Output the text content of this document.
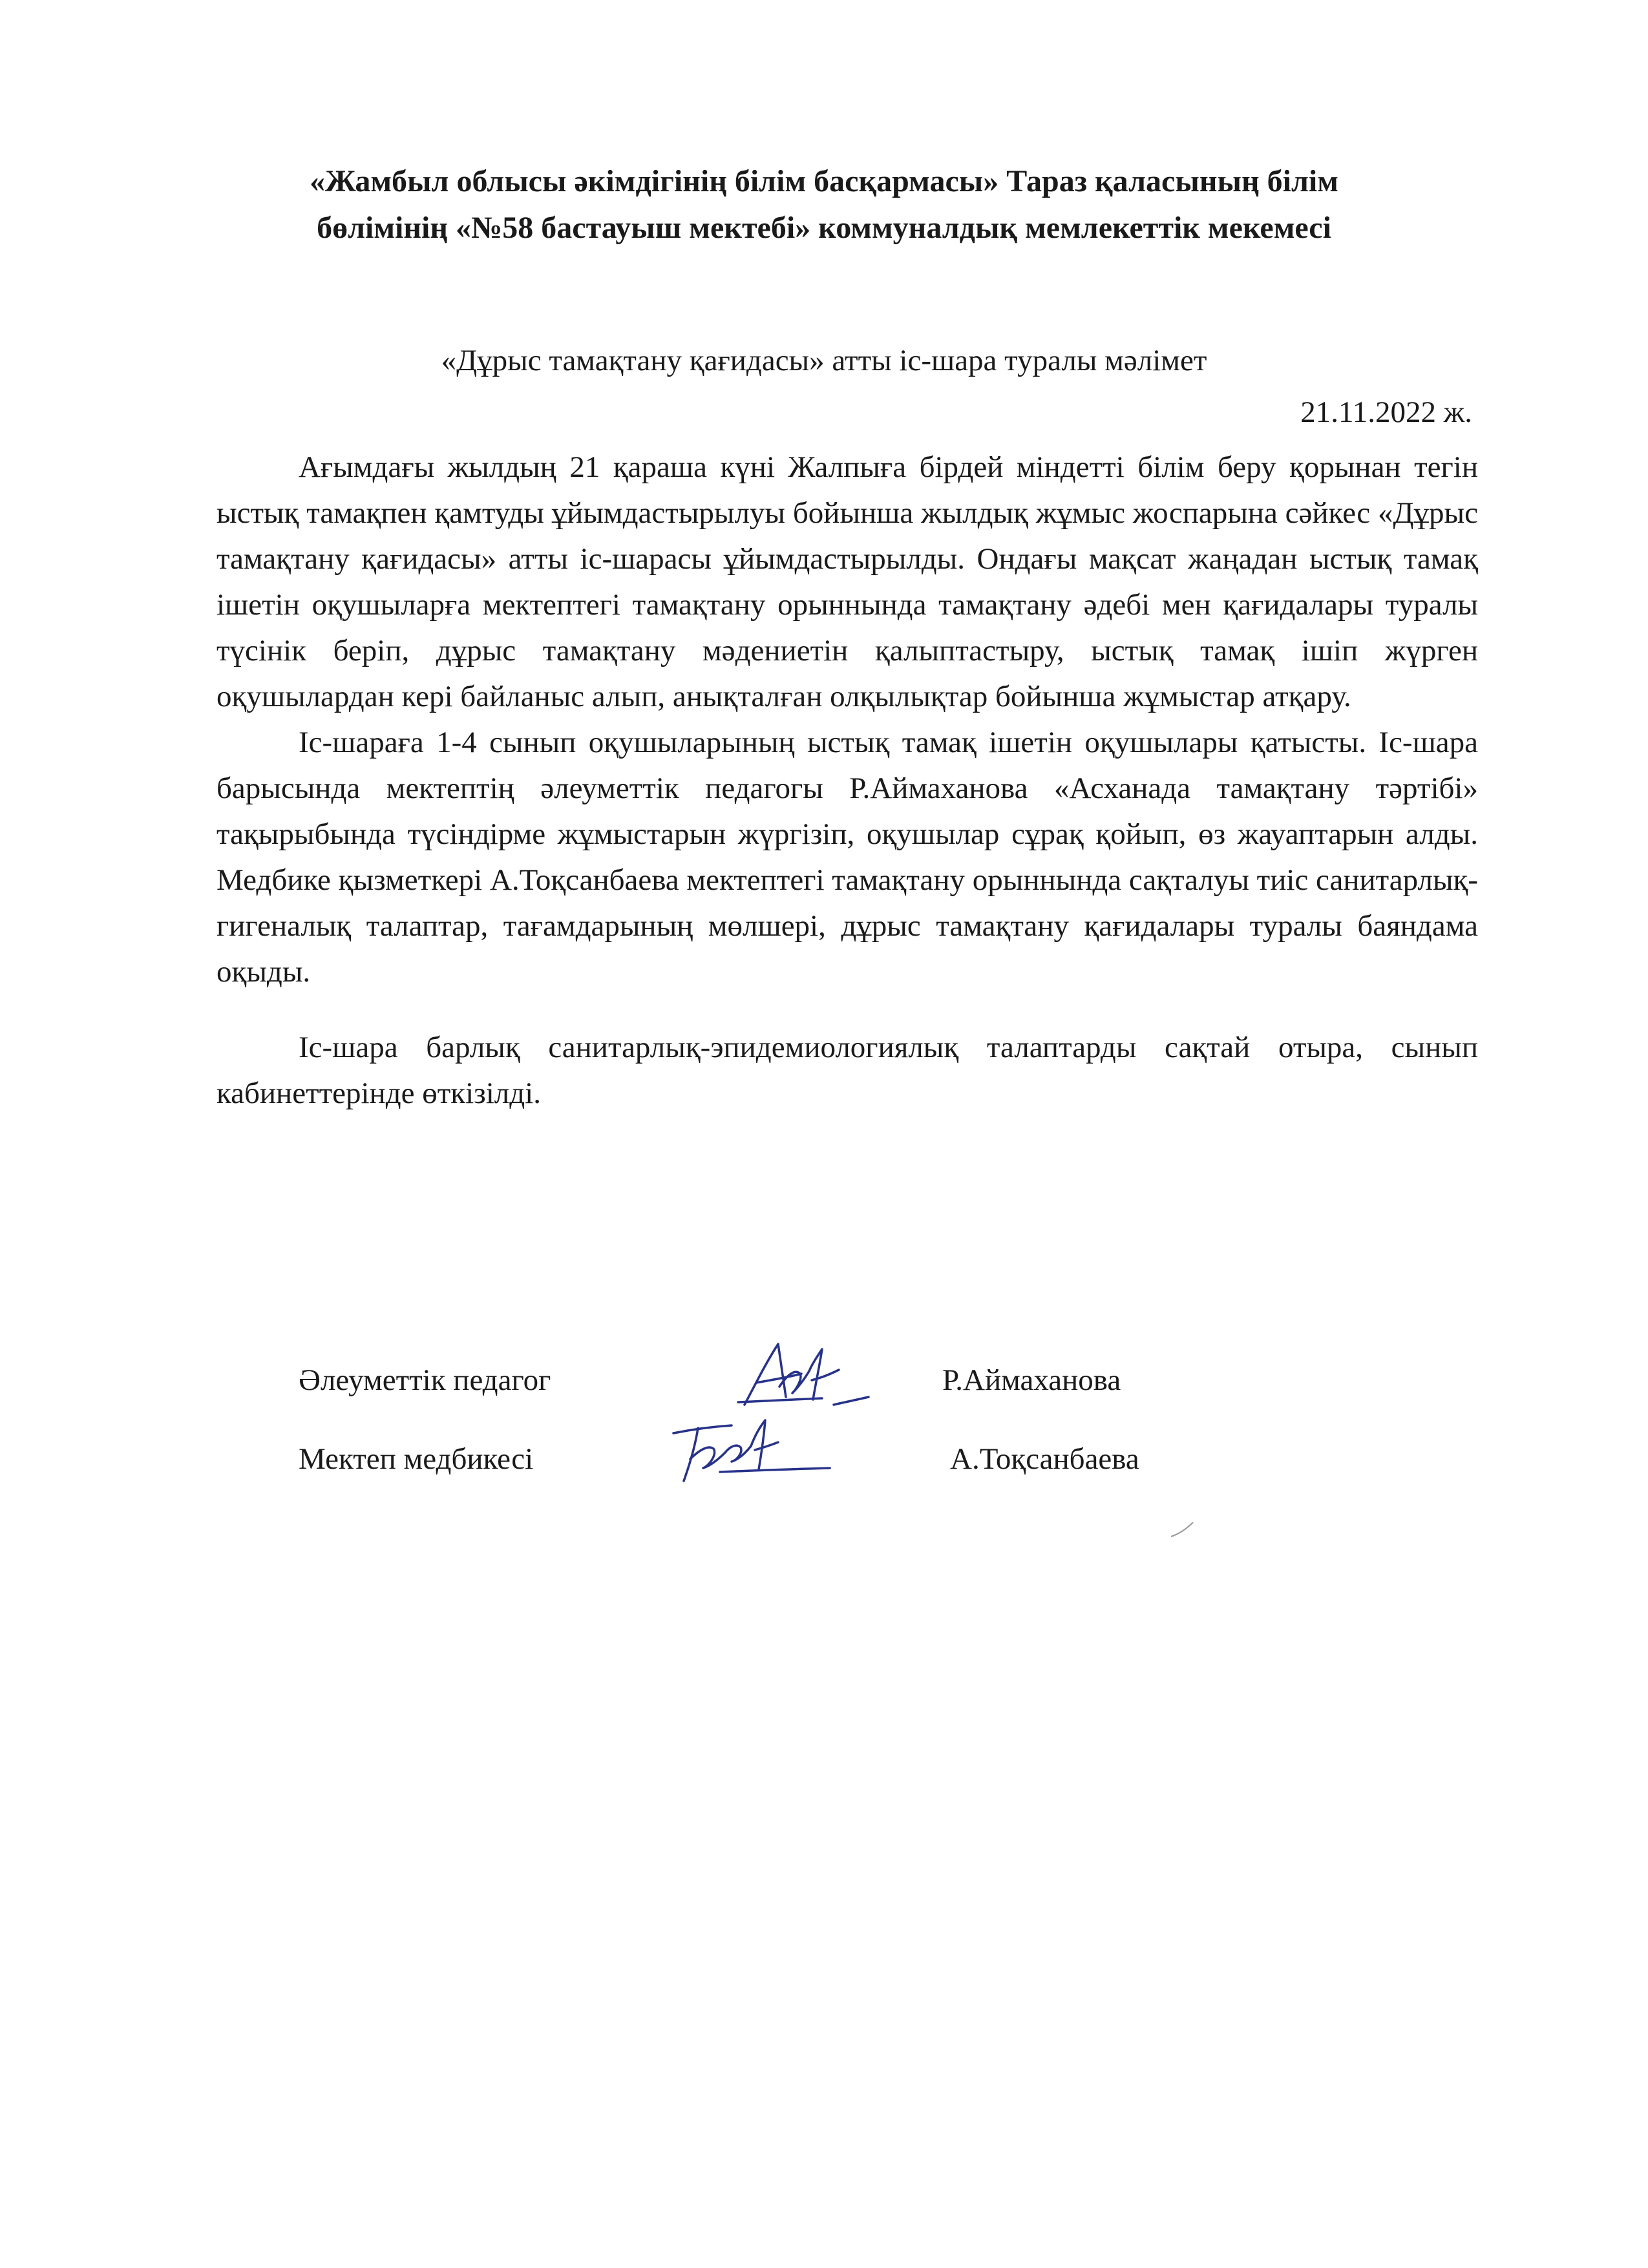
«Жамбыл облысы әкімдігінің білім басқармасы» Тараз қаласының білім
бөлімінің «№58 бастауыш мектебі» коммуналдық мемлекеттік мекемесі
«Дұрыс тамақтану қағидасы» атты іс-шара туралы мәлімет
21.11.2022 ж.

Ағымдағы жылдың 21 қараша күні Жалпыға бірдей міндетті білім беру қорынан тегін ыстық тамақпен қамтуды ұйымдастырылуы бойынша жылдық жұмыс жоспарына сәйкес «Дұрыс тамақтану қағидасы» атты іс-шарасы ұйымдастырылды. Ондағы мақсат жаңадан ыстық тамақ ішетін оқушыларға мектептегі тамақтану орыннында тамақтану әдебі мен қағидалары туралы түсінік беріп, дұрыс тамақтану мәдениетін қалыптастыру, ыстық тамақ ішіп жүрген оқушылардан кері байланыс алып, анықталған олқылықтар бойынша жұмыстар атқару.

Іс-шараға 1-4 сынып оқушыларының ыстық тамақ ішетін оқушылары қатысты. Іс-шара барысында мектептің әлеуметтік педагогы Р.Аймаханова «Асханада тамақтану тәртібі» тақырыбында түсіндірме жұмыстарын жүргізіп, оқушылар сұрақ қойып, өз жауаптарын алды. Медбике қызметкері А.Тоқсанбаева мектептегі тамақтану орыннында сақталуы тиіс санитарлық-гигеналық талаптар, тағамдарының мөлшері, дұрыс тамақтану қағидалары туралы баяндама оқыды.

Іс-шара барлық санитарлық-эпидемиологиялық талаптарды сақтай отыра, сынып кабинеттерінде өткізілді.

Әлеуметтік педагог	Р.Аймаханова
Мектеп медбикесі	А.Тоқсанбаева
